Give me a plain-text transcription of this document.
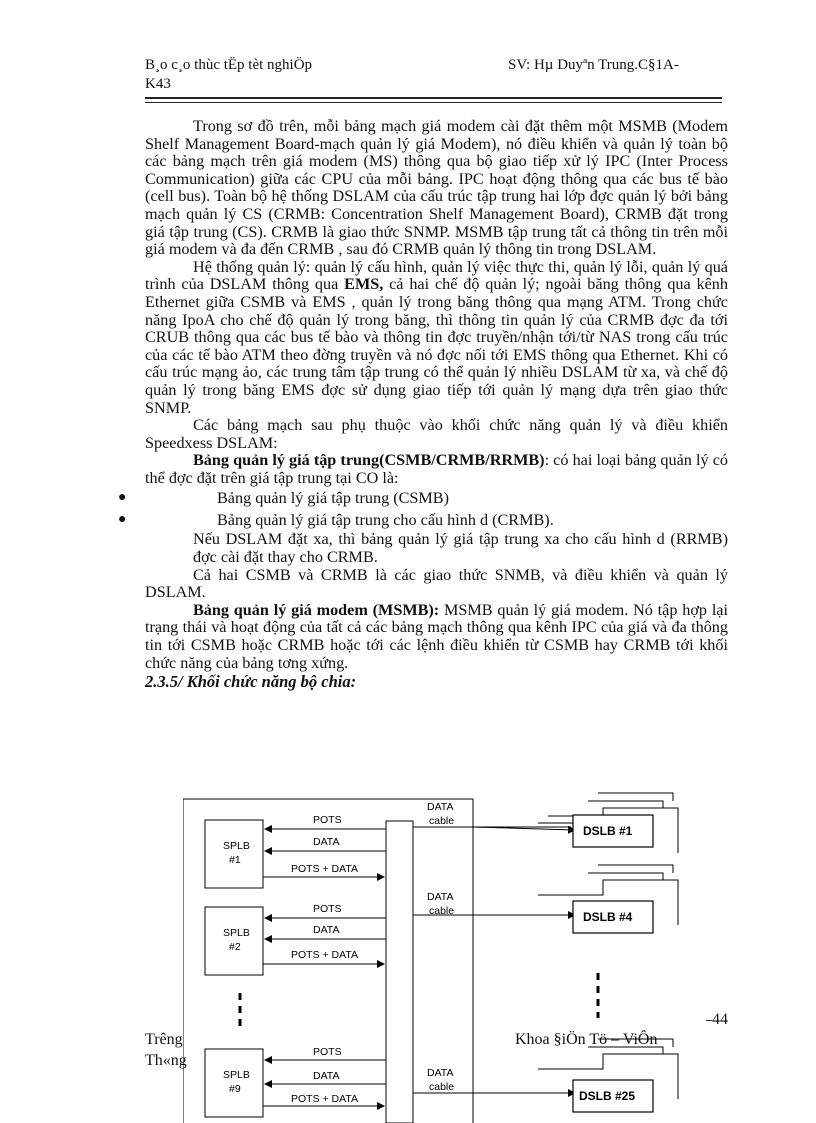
B¸o c¸o thùc tËp tèt nghiÖp
K43
SV: Hµ Duyªn Trung.C§1A-

Trong sơ đồ trên, mỗi bảng mạch giá modem cài đặt thêm một MSMB (Modem Shelf Management Board-mạch quản lý giá Modem), nó điều khiển và quản lý toàn bộ các bảng mạch trên giá modem (MS) thông qua bộ giao tiếp xử lý IPC (Inter Process Communication) giữa các CPU của mỗi bảng. IPC hoạt động thông qua các bus tế bào (cell bus). Toàn bộ hệ thống DSLAM của cấu trúc tập trung hai lớp đợc quản lý bởi bảng mạch quản lý CS (CRMB: Concentration Shelf Management Board), CRMB đặt trong giá tập trung (CS). CRMB là giao thức SNMP. MSMB tập trung tất cả thông tin trên mỗi giá modem và đa đến CRMB , sau đó CRMB quản lý thông tin trong DSLAM.

Hệ thống quản lý: quản lý cấu hình, quản lý việc thực thi, quản lý lỗi, quản lý quá trình của DSLAM thông qua EMS, cả hai chế độ quản lý; ngoài băng thông qua kênh Ethernet giữa CSMB và EMS , quản lý trong băng thông qua mạng ATM. Trong chức năng IpoA cho chế độ quản lý trong băng, thì thông tin quản lý của CRMB đợc đa tới CRUB thông qua các bus tế bào và thông tin đợc truyền/nhận tới/từ NAS trong cấu trúc của các tế bào ATM theo đờng truyền và nó đợc nối tới EMS thông qua Ethernet. Khi có cấu trúc mạng ảo, các trung tâm tập trung có thể quản lý nhiều DSLAM từ xa, và chế độ quản lý trong băng EMS đợc sử dụng giao tiếp tới quản lý mạng dựa trên giao thức SNMP.

Các bảng mạch sau phụ thuộc vào khối chức năng quản lý và điều khiển Speedxess DSLAM:

Bảng quản lý giá tập trung(CSMB/CRMB/RRMB): có hai loại bảng quản lý có thể đợc đặt trên giá tập trung tại CO là:

●	Bảng quản lý giá tập trung (CSMB)
●	Bảng quản lý giá tập trung cho cấu hình d (CRMB).

Nếu DSLAM đặt xa, thì bảng quản lý giá tập trung xa cho cấu hình d (RRMB) đợc cài đặt thay cho CRMB.

Cả hai CSMB và CRMB là các giao thức SNMB, và điều khiển và quản lý DSLAM.

Bảng quản lý giá modem (MSMB): MSMB quản lý giá modem. Nó tập hợp lại trạng thái và hoạt động của tất cả các bảng mạch thông qua kênh IPC của giá và đa thông tin tới CSMB hoặc CRMB hoặc tới các lệnh điều khiển từ CSMB hay CRMB tới khối chức năng của bảng tơng xứng.

2.3.5/ Khối chức năng bộ chia:
SPLB
#1
SPLB
#2
SPLB
#9
POTS
DATA
POTS + DATA
POTS
DATA
POTS + DATA
POTS
DATA
POTS + DATA
DATA
cable
DATA
cable
DATA
cable
DSLB #1
DSLB #4
DSLB #25
44
Trêng
Th«ng
Khoa §iÖn Tö – ViÔn
